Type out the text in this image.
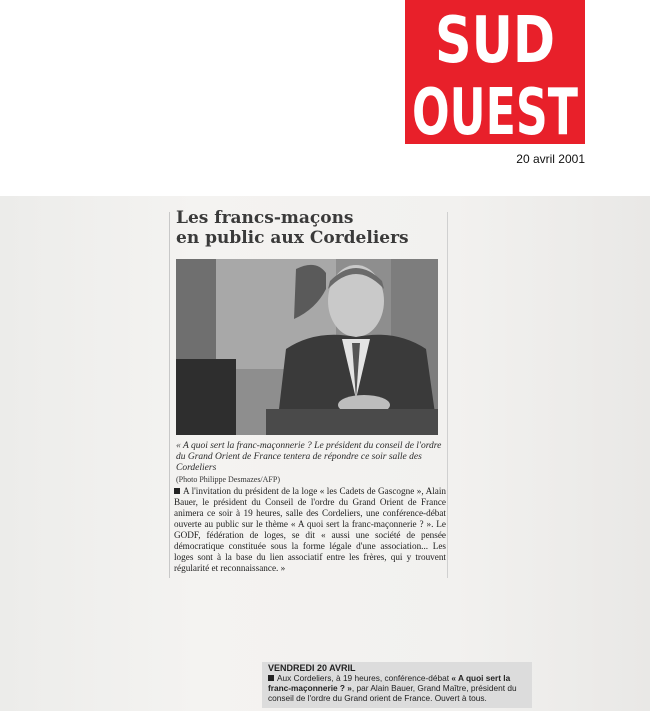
SUD
OUEST
20 avril 2001
Les francs-maçons
en public aux Cordeliers
« A quoi sert la franc-maçonnerie ? Le président du conseil de l'ordre du Grand Orient de France tentera de répondre ce soir salle des Cordeliers
(Photo Philippe Desmazes/AFP)
A l'invitation du président de la loge « les Cadets de Gascogne », Alain Bauer, le président du Conseil de l'ordre du Grand Orient de France animera ce soir à 19 heures, salle des Cordeliers, une conférence-débat ouverte au public sur le thème « A quoi sert la franc-maçonnerie ? ». Le GODF, fédération de loges, se dit « aussi une société de pensée démocratique constituée sous la forme légale d'une association... Les loges sont à la base du lien associatif entre les frères, qui y trouvent régularité et reconnaissance. »
VENDREDI 20 AVRIL
Aux Cordeliers, à 19 heures, conférence-débat « A quoi sert la franc-maçonnerie ? », par Alain Bauer, Grand Maître, président du conseil de l'ordre du Grand orient de France. Ouvert à tous.
